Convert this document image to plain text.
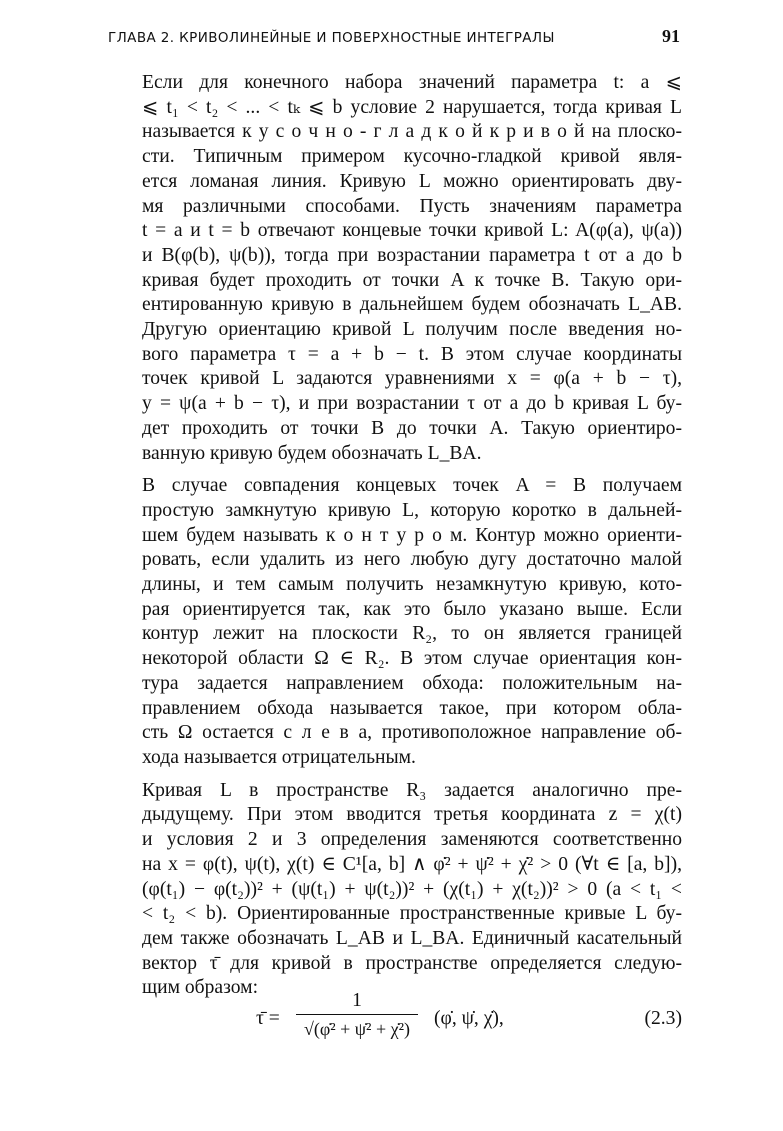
ГЛАВА 2. КРИВОЛИНЕЙНЫЕ И ПОВЕРХНОСТНЫЕ ИНТЕГРАЛЫ	91

Если для конечного набора значений параметра t: a ⩽
⩽ t₁ < t₂ < ... < tₖ ⩽ b условие 2 нарушается, тогда кривая L
называется к у с о ч н о - г л а д к о й к р и в о й на плоско-
сти. Типичным примером кусочно-гладкой кривой явля-
ется ломаная линия. Кривую L можно ориентировать дву-
мя различными способами. Пусть значениям параметра
t = a и t = b отвечают концевые точки кривой L: A(φ(a), ψ(a))
и B(φ(b), ψ(b)), тогда при возрастании параметра t от a до b
кривая будет проходить от точки A к точке B. Такую ори-
ентированную кривую в дальнейшем будем обозначать L_AB.
Другую ориентацию кривой L получим после введения но-
вого параметра τ = a + b − t. В этом случае координаты
точек кривой L задаются уравнениями x = φ(a + b − τ),
y = ψ(a + b − τ), и при возрастании τ от a до b кривая L бу-
дет проходить от точки B до точки A. Такую ориентиро-
ванную кривую будем обозначать L_BA.

В случае совпадения концевых точек A = B получаем
простую замкнутую кривую L, которую коротко в дальней-
шем будем называть к о н т у р о м. Контур можно ориенти-
ровать, если удалить из него любую дугу достаточно малой
длины, и тем самым получить незамкнутую кривую, кото-
рая ориентируется так, как это было указано выше. Если
контур лежит на плоскости R₂, то он является границей
некоторой области Ω ∈ R₂. В этом случае ориентация кон-
тура задается направлением обхода: положительным на-
правлением обхода называется такое, при котором обла-
сть Ω остается с л е в а, противоположное направление об-
хода называется отрицательным.

Кривая L в пространстве R₃ задается аналогично пре-
дыдущему. При этом вводится третья координата z = χ(t)
и условия 2 и 3 определения заменяются соответственно
на x = φ(t), ψ(t), χ(t) ∈ C¹[a, b] ∧ φ̇² + ψ̇² + χ̇² > 0 (∀t ∈ [a, b]),
(φ(t₁) − φ(t₂))² + (ψ(t₁) + ψ(t₂))² + (χ(t₁) + χ(t₂))² > 0 (a < t₁ <
< t₂ < b). Ориентированные пространственные кривые L бу-
дем также обозначать L_AB и L_BA. Единичный касательный
вектор τ̄ для кривой в пространстве определяется следую-
щим образом:

τ̄ =
1
√(φ̇² + ψ̇² + χ̇²)	(φ̇, ψ̇, χ̇),	(2.3)
